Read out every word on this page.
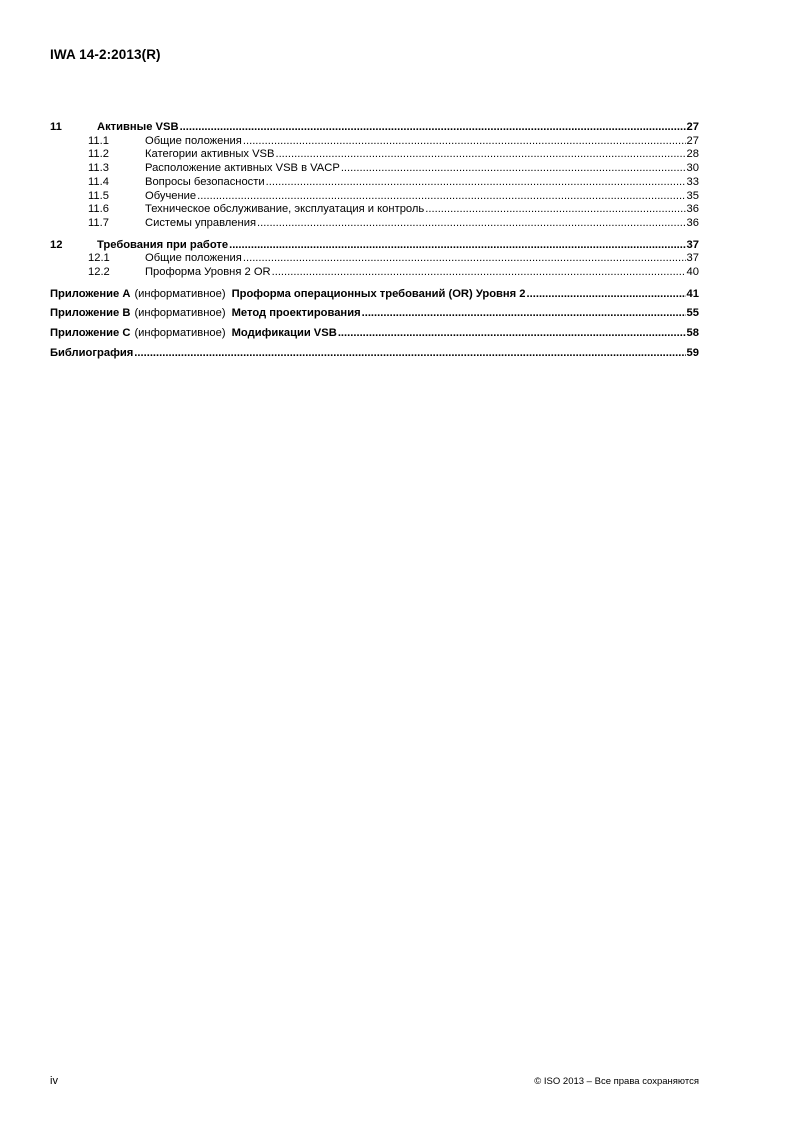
IWA 14-2:2013(R)
11	Активные VSB .....	27
11.1	Общие положения .....	27
11.2	Категории активных VSB .....	28
11.3	Расположение активных VSB в VACP .....	30
11.4	Вопросы безопасности .....	33
11.5	Обучение .....	35
11.6	Техническое обслуживание, эксплуатация и контроль .....	36
11.7	Системы управления .....	36
12	Требования при работе .....	37
12.1	Общие положения .....	37
12.2	Проформа Уровня 2 OR .....	40
Приложение A (информативное) Проформа операционных требований (OR) Уровня 2 .....	41
Приложение B (информативное) Метод проектирования .....	55
Приложение C (информативное) Модификации VSB .....	58
Библиография .....	59
iv	© ISO 2013 – Все права сохраняются
